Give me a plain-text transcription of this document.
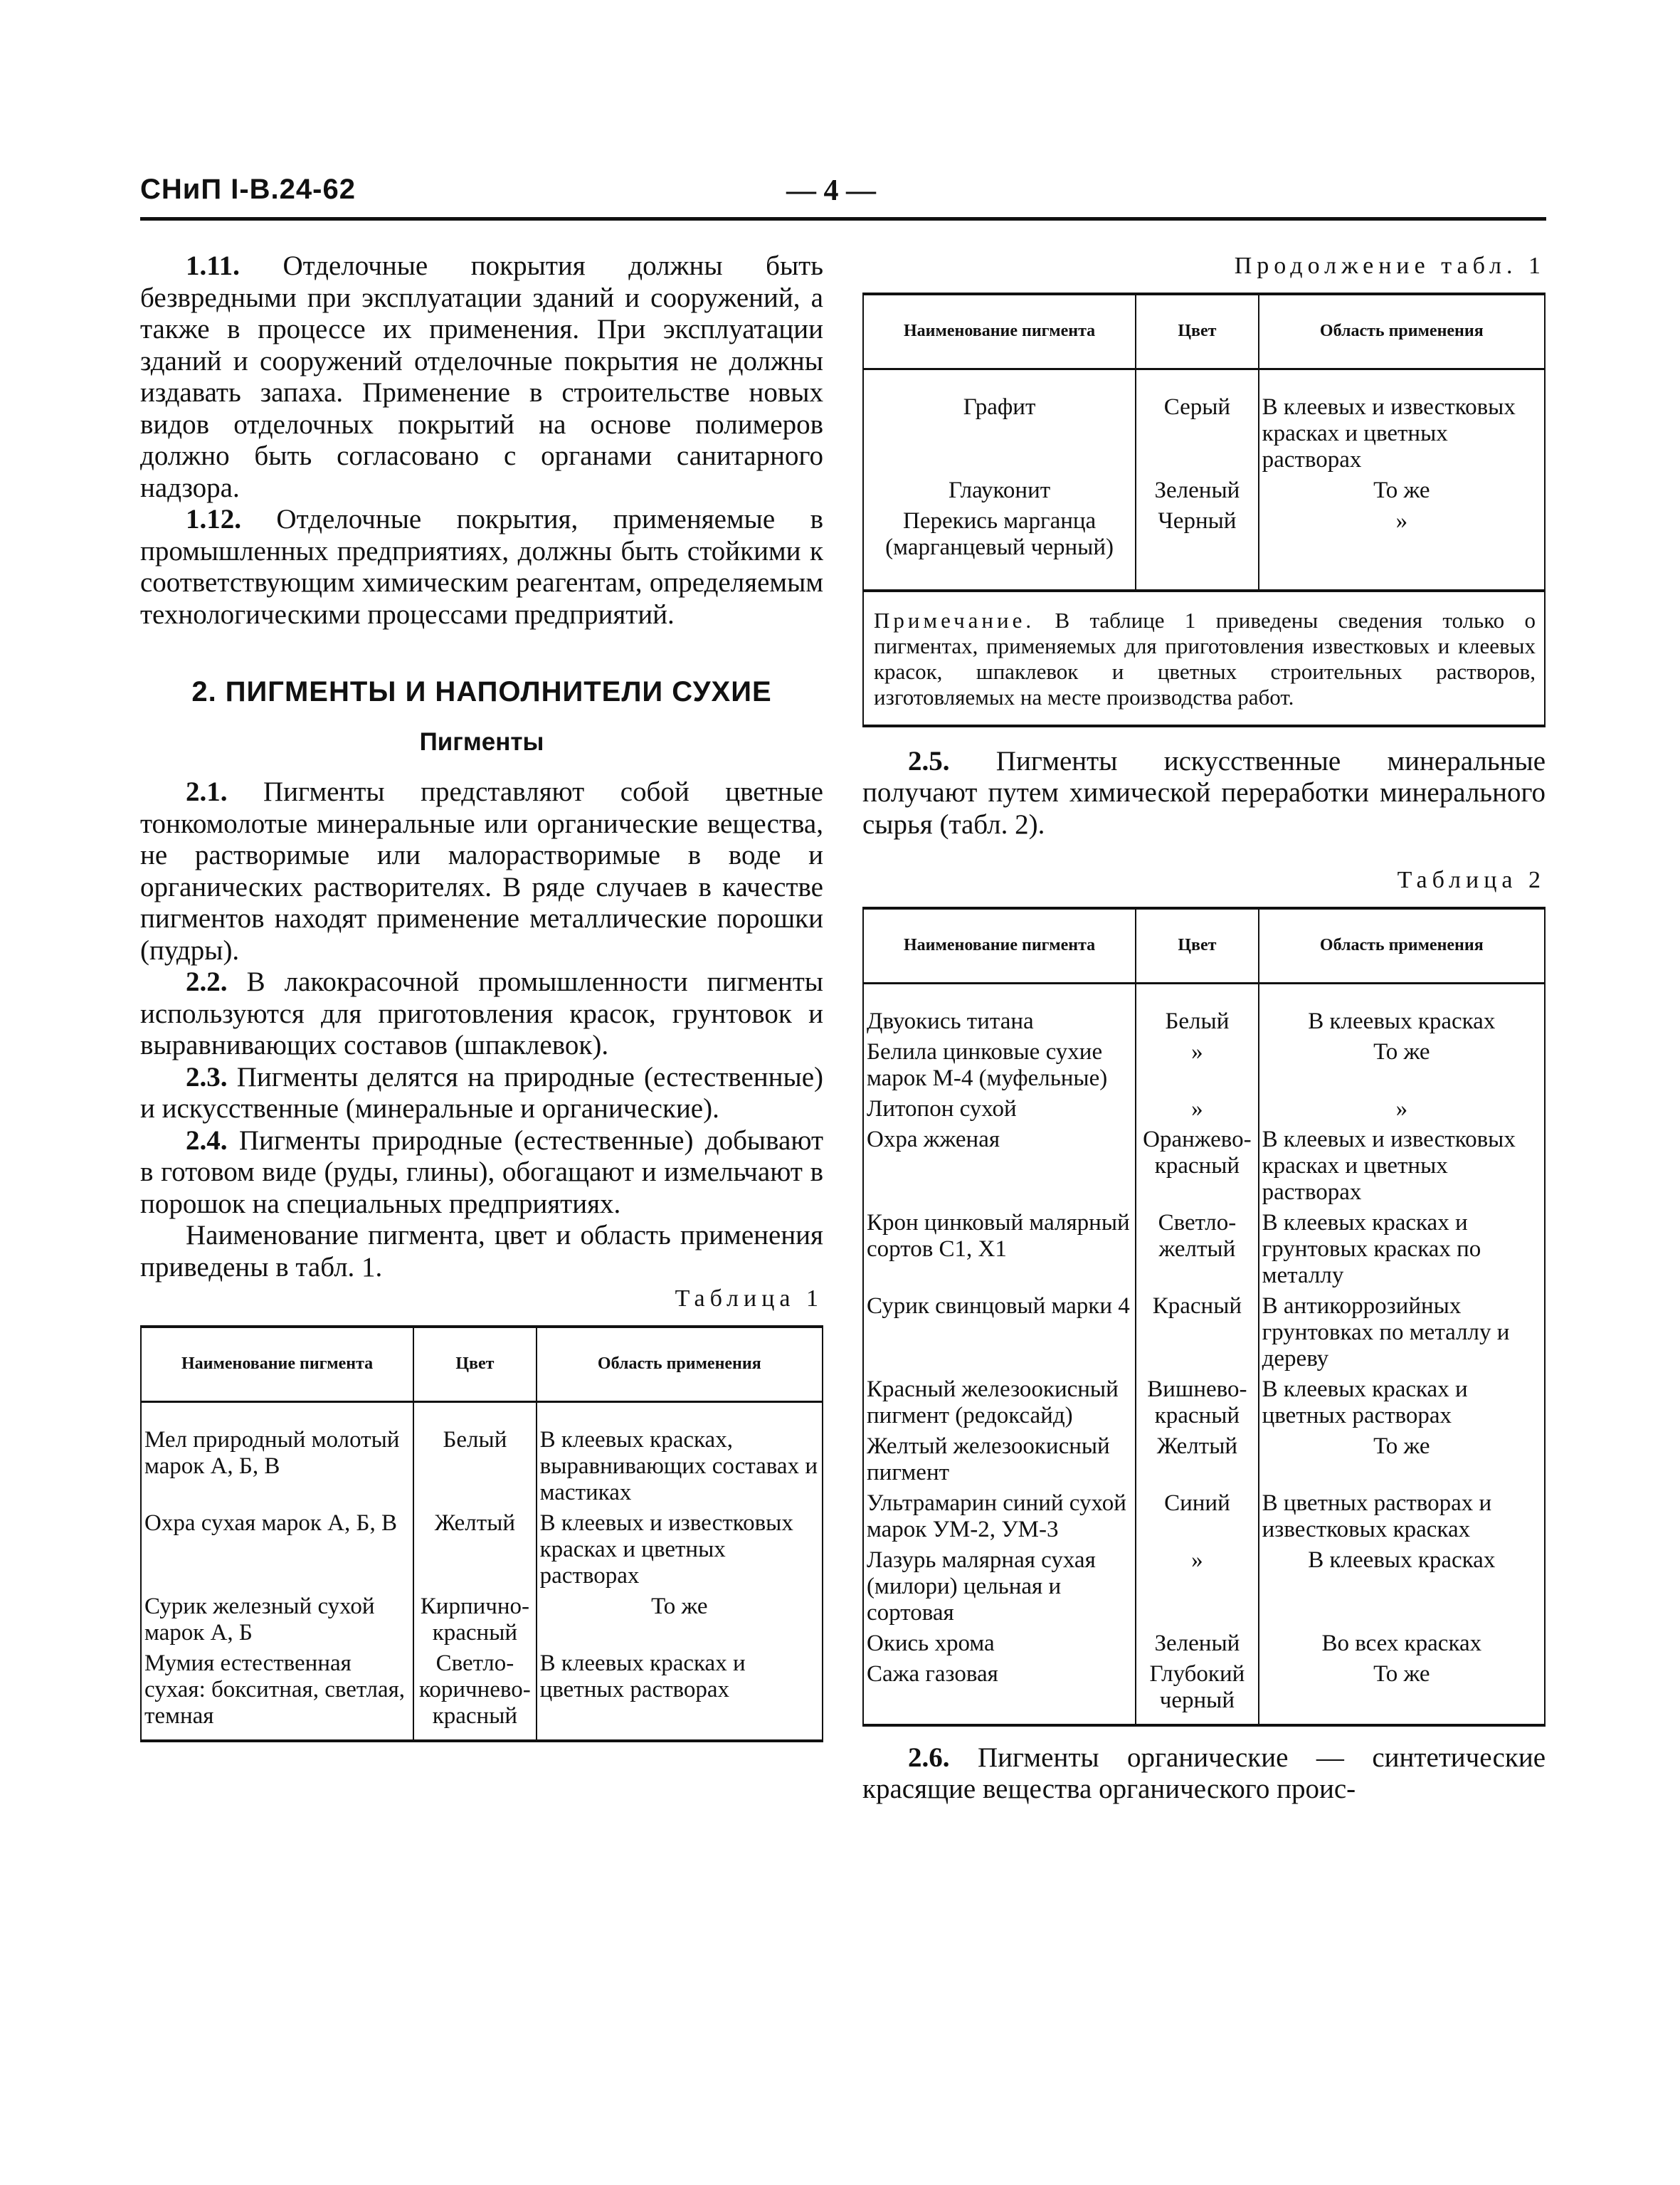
СНиП I-В.24-62	— 4 —

1.11. Отделочные покрытия должны быть безвредными при эксплуатации зданий и сооружений, а также в процессе их применения. При эксплуатации зданий и сооружений отделочные покрытия не должны издавать запаха. Применение в строительстве новых видов отделочных покрытий на основе полимеров должно быть согласовано с органами санитарного надзора.

1.12. Отделочные покрытия, применяемые в промышленных предприятиях, должны быть стойкими к соответствующим химическим реагентам, определяемым технологическими процессами предприятий.

2. ПИГМЕНТЫ И НАПОЛНИТЕЛИ СУХИЕ
Пигменты

2.1. Пигменты представляют собой цветные тонкомолотые минеральные или органические вещества, не растворимые или малорастворимые в воде и органических растворителях. В ряде случаев в качестве пигментов находят применение металлические порошки (пудры).

2.2. В лакокрасочной промышленности пигменты используются для приготовления красок, грунтовок и выравнивающих составов (шпаклевок).

2.3. Пигменты делятся на природные (естественные) и искусственные (минеральные и органические).

2.4. Пигменты природные (естественные) добывают в готовом виде (руды, глины), обогащают и измельчают в порошок на специальных предприятиях.

Наименование пигмента, цвет и область применения приведены в табл. 1.

Таблица 1
Наименование пигмента	Цвет	Область применения
Мел природный молотый марок А, Б, В	Белый	В клеевых красках, выравнивающих составах и мастиках
Охра сухая марок А, Б, В	Желтый	В клеевых и известковых красках и цветных растворах
Сурик железный сухой марок А, Б	Кирпично-красный	То же
Мумия естественная сухая: бокситная, светлая, темная	Светло-коричнево-красный	В клеевых красках и цветных растворах
Продолжение табл. 1
Наименование пигмента	Цвет	Область применения
Графит	Серый	В клеевых и известковых красках и цветных растворах
Глауконит	Зеленый	То же
Перекись марганца (марганцевый черный)	Черный	»
Примечание. В таблице 1 приведены сведения только о пигментах, применяемых для приготовления известковых и клеевых красок, шпаклевок и цветных строительных растворов, изготовляемых на месте производства работ.

2.5. Пигменты искусственные минеральные получают путем химической переработки минерального сырья (табл. 2).

Таблица 2
Наименование пигмента	Цвет	Область применения
Двуокись титана	Белый	В клеевых красках
Белила цинковые сухие марок М-4 (муфельные)	»	То же
Литопон сухой	»	»
Охра жженая	Оранжево-красный	В клеевых и известковых красках и цветных растворах
Крон цинковый малярный сортов С1, Х1	Светло-желтый	В клеевых красках и грунтовых красках по металлу
Сурик свинцовый марки 4	Красный	В антикоррозийных грунтовках по металлу и дереву
Красный железоокисный пигмент (редоксайд)	Вишнево-красный	В клеевых красках и цветных растворах
Желтый железоокисный пигмент	Желтый	То же
Ультрамарин синий сухой марок УМ-2, УМ-3	Синий	В цветных растворах и известковых красках
Лазурь малярная сухая (милори) цельная и сортовая	»	В клеевых красках
Окись хрома	Зеленый	Во всех красках
Сажа газовая	Глубокий черный	То же

2.6. Пигменты органические — синтетические красящие вещества органического проис-
